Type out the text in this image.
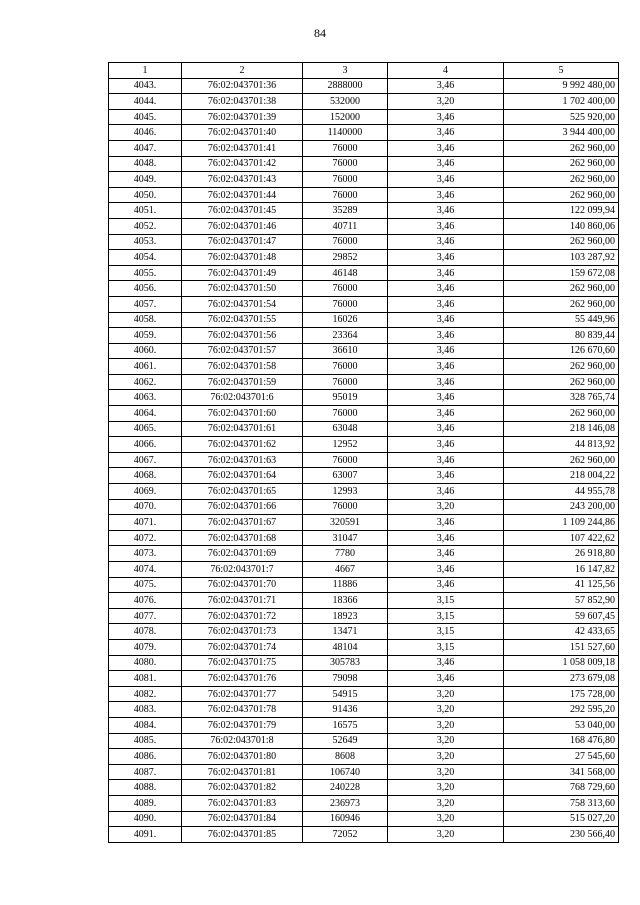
84
1	2	3	4	5
4043.	76:02:043701:36	2888000	3,46	9 992 480,00
4044.	76:02:043701:38	532000	3,20	1 702 400,00
4045.	76:02:043701:39	152000	3,46	525 920,00
4046.	76:02:043701:40	1140000	3,46	3 944 400,00
4047.	76:02:043701:41	76000	3,46	262 960,00
4048.	76:02:043701:42	76000	3,46	262 960,00
4049.	76:02:043701:43	76000	3,46	262 960,00
4050.	76:02:043701:44	76000	3,46	262 960,00
4051.	76:02:043701:45	35289	3,46	122 099,94
4052.	76:02:043701:46	40711	3,46	140 860,06
4053.	76:02:043701:47	76000	3,46	262 960,00
4054.	76:02:043701:48	29852	3,46	103 287,92
4055.	76:02:043701:49	46148	3,46	159 672,08
4056.	76:02:043701:50	76000	3,46	262 960,00
4057.	76:02:043701:54	76000	3,46	262 960,00
4058.	76:02:043701:55	16026	3,46	55 449,96
4059.	76:02:043701:56	23364	3,46	80 839,44
4060.	76:02:043701:57	36610	3,46	126 670,60
4061.	76:02:043701:58	76000	3,46	262 960,00
4062.	76:02:043701:59	76000	3,46	262 960,00
4063.	76:02:043701:6	95019	3,46	328 765,74
4064.	76:02:043701:60	76000	3,46	262 960,00
4065.	76:02:043701:61	63048	3,46	218 146,08
4066.	76:02:043701:62	12952	3,46	44 813,92
4067.	76:02:043701:63	76000	3,46	262 960,00
4068.	76:02:043701:64	63007	3,46	218 004,22
4069.	76:02:043701:65	12993	3,46	44 955,78
4070.	76:02:043701:66	76000	3,20	243 200,00
4071.	76:02:043701:67	320591	3,46	1 109 244,86
4072.	76:02:043701:68	31047	3,46	107 422,62
4073.	76:02:043701:69	7780	3,46	26 918,80
4074.	76:02:043701:7	4667	3,46	16 147,82
4075.	76:02:043701:70	11886	3,46	41 125,56
4076.	76:02:043701:71	18366	3,15	57 852,90
4077.	76:02:043701:72	18923	3,15	59 607,45
4078.	76:02:043701:73	13471	3,15	42 433,65
4079.	76:02:043701:74	48104	3,15	151 527,60
4080.	76:02:043701:75	305783	3,46	1 058 009,18
4081.	76:02:043701:76	79098	3,46	273 679,08
4082.	76:02:043701:77	54915	3,20	175 728,00
4083.	76:02:043701:78	91436	3,20	292 595,20
4084.	76:02:043701:79	16575	3,20	53 040,00
4085.	76:02:043701:8	52649	3,20	168 476,80
4086.	76:02:043701:80	8608	3,20	27 545,60
4087.	76:02:043701:81	106740	3,20	341 568,00
4088.	76:02:043701:82	240228	3,20	768 729,60
4089.	76:02:043701:83	236973	3,20	758 313,60
4090.	76:02:043701:84	160946	3,20	515 027,20
4091.	76:02:043701:85	72052	3,20	230 566,40
